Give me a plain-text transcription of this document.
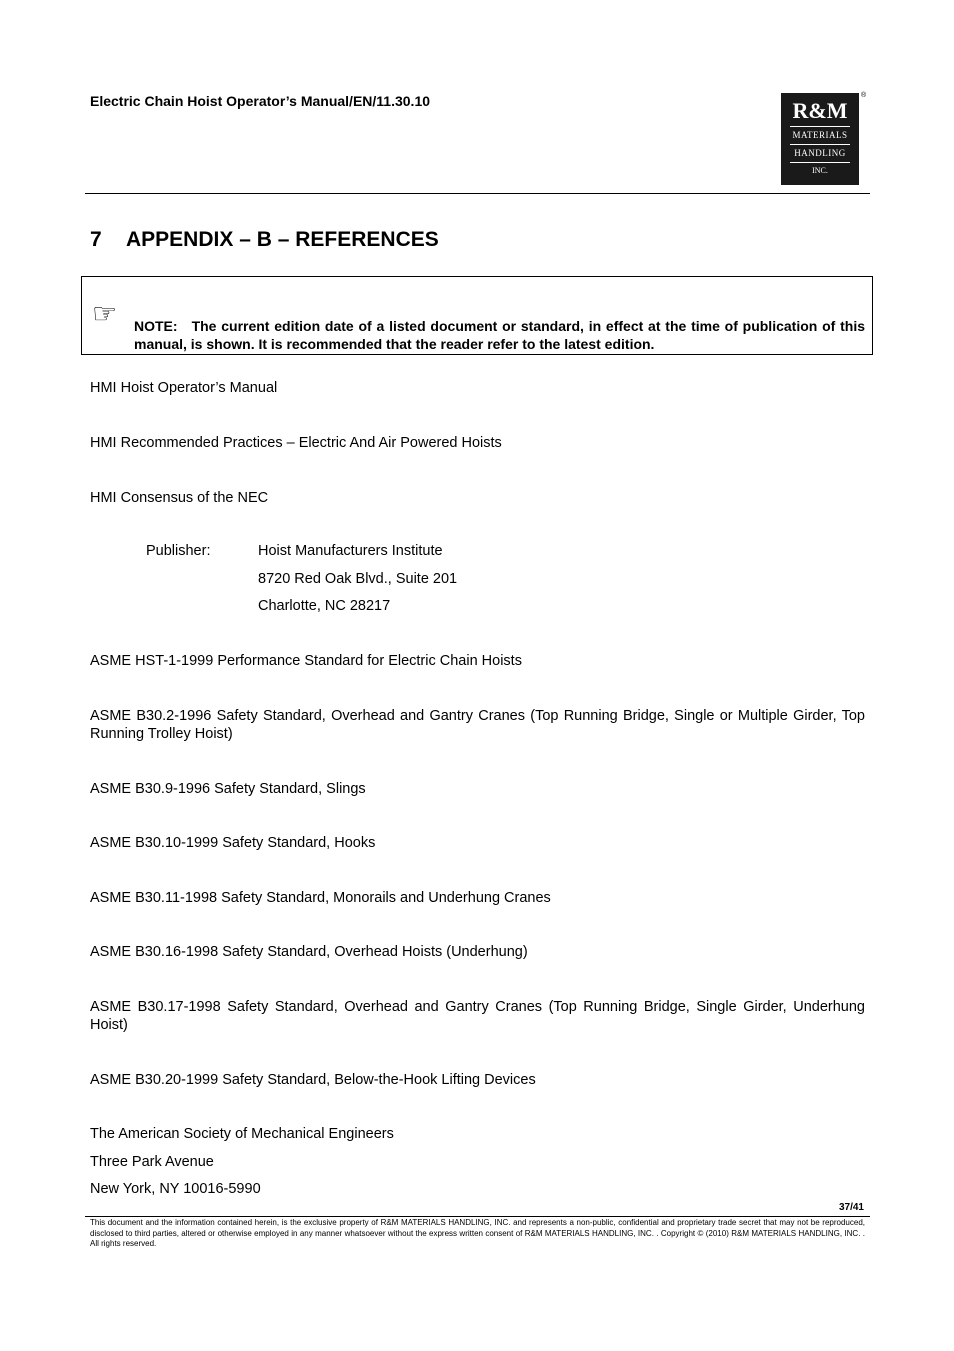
Electric Chain Hoist Operator’s Manual/EN/11.30.10	R&M
MATERIALS
HANDLING
INC.
®
7 APPENDIX – B – REFERENCES
☞ NOTE: The current edition date of a listed document or standard, in effect at the time of publication of this manual, is shown. It is recommended that the reader refer to the latest edition.
HMI Hoist Operator’s Manual
HMI Recommended Practices – Electric And Air Powered Hoists
HMI Consensus of the NEC
Publisher:	Hoist Manufacturers Institute
8720 Red Oak Blvd., Suite 201
Charlotte, NC 28217
ASME HST-1-1999 Performance Standard for Electric Chain Hoists
ASME B30.2-1996 Safety Standard, Overhead and Gantry Cranes (Top Running Bridge, Single or Multiple Girder, Top Running Trolley Hoist)
ASME B30.9-1996 Safety Standard, Slings
ASME B30.10-1999 Safety Standard, Hooks
ASME B30.11-1998 Safety Standard, Monorails and Underhung Cranes
ASME B30.16-1998 Safety Standard, Overhead Hoists (Underhung)
ASME B30.17-1998 Safety Standard, Overhead and Gantry Cranes (Top Running Bridge, Single Girder, Underhung Hoist)
ASME B30.20-1999 Safety Standard, Below-the-Hook Lifting Devices
The American Society of Mechanical Engineers
Three Park Avenue
New York, NY 10016-5990
37/41
This document and the information contained herein, is the exclusive property of R&M MATERIALS HANDLING, INC. and represents a non-public, confidential and proprietary trade secret that may not be reproduced, disclosed to third parties, altered or otherwise employed in any manner whatsoever without the express written consent of R&M MATERIALS HANDLING, INC. . Copyright © (2010) R&M MATERIALS HANDLING, INC. . All rights reserved.
